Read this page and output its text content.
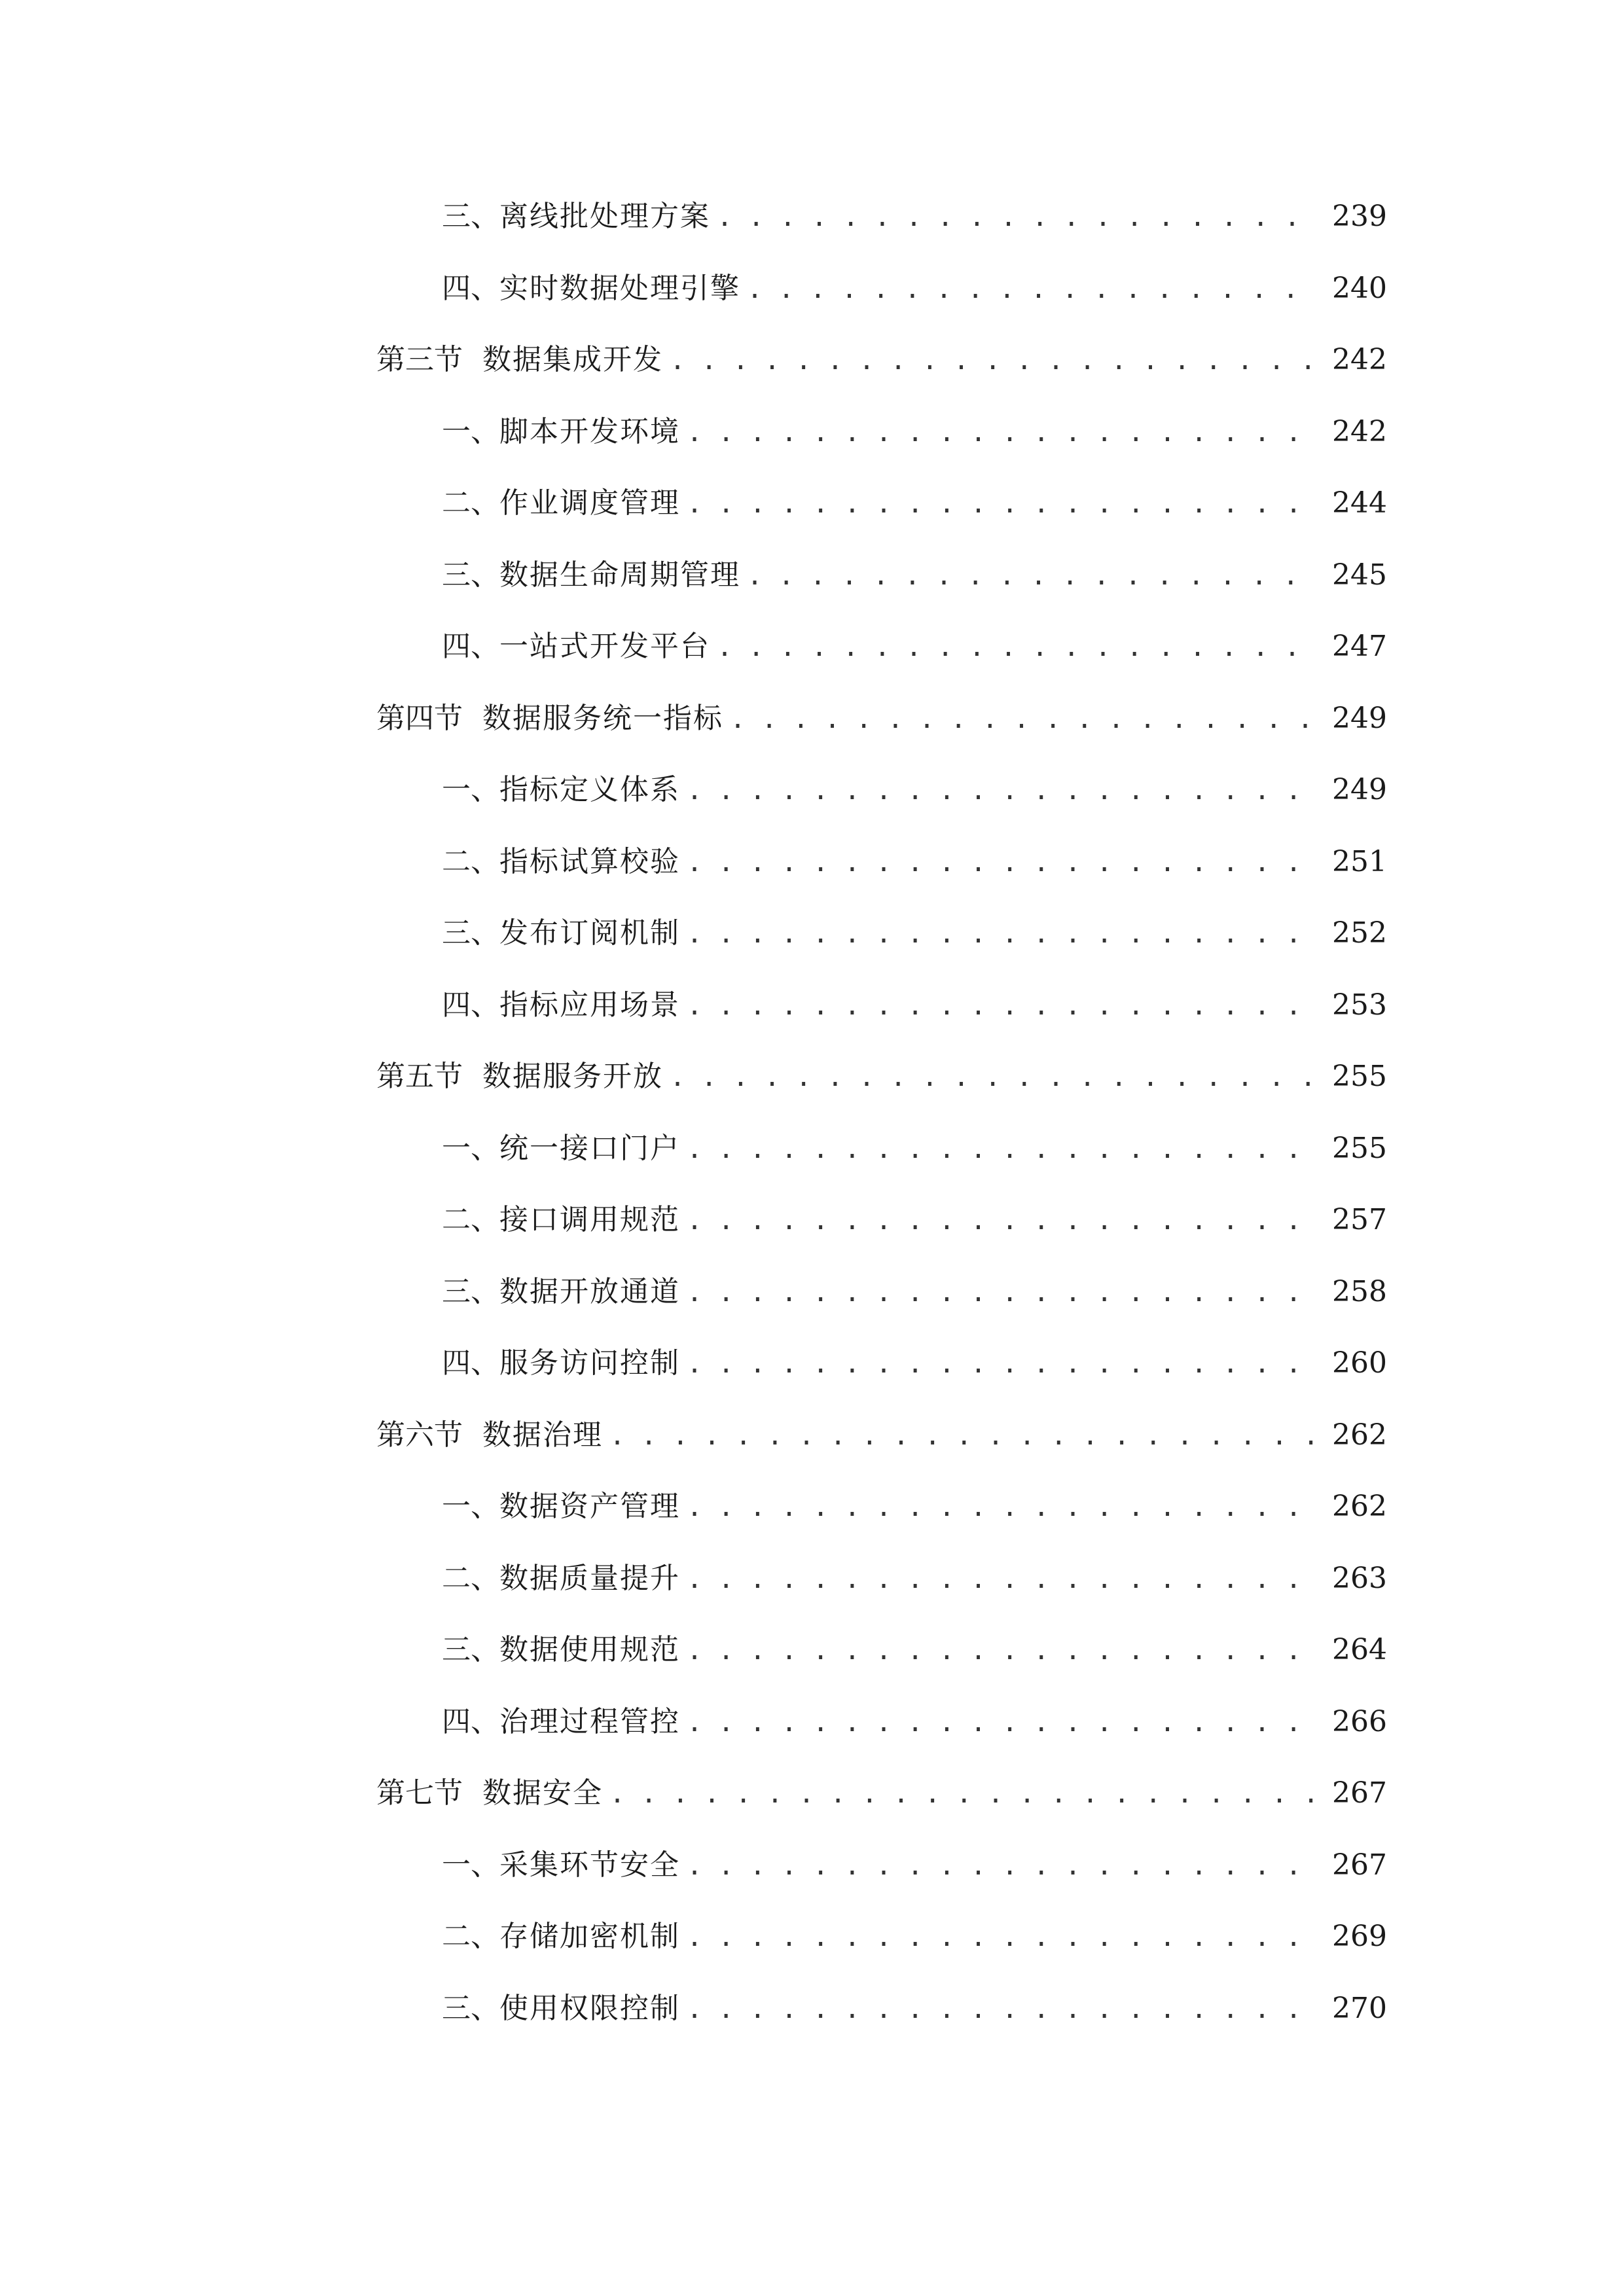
三、 离线批处理方案 . . .	239
四、 实时数据处理引擎 . . .	240
第三节 数据集成开发 . . .	242
一、 脚本开发环境 . . .	242
二、 作业调度管理 . . .	244
三、 数据生命周期管理 . . .	245
四、 一站式开发平台 . . .	247
第四节 数据服务统一指标 . . .	249
一、 指标定义体系 . . .	249
二、 指标试算校验 . . .	251
三、 发布订阅机制 . . .	252
四、 指标应用场景 . . .	253
第五节 数据服务开放 . . .	255
一、 统一接口门户 . . .	255
二、 接口调用规范 . . .	257
三、 数据开放通道 . . .	258
四、 服务访问控制 . . .	260
第六节 数据治理 . . .	262
一、 数据资产管理 . . .	262
二、 数据质量提升 . . .	263
三、 数据使用规范 . . .	264
四、 治理过程管控 . . .	266
第七节 数据安全 . . .	267
一、 采集环节安全 . . .	267
二、 存储加密机制 . . .	269
三、 使用权限控制 . . .	270
